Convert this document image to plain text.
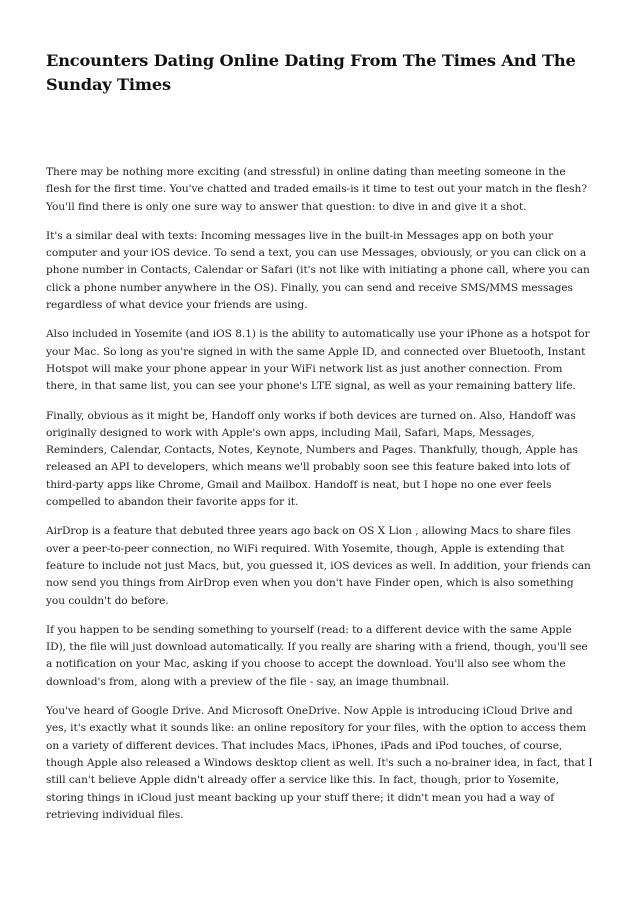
Encounters Dating Online Dating From The Times And The Sunday Times

There may be nothing more exciting (and stressful) in online dating than meeting someone in the flesh for the first time. You've chatted and traded emails-is it time to test out your match in the flesh? You'll find there is only one sure way to answer that question: to dive in and give it a shot.

It's a similar deal with texts: Incoming messages live in the built-in Messages app on both your computer and your iOS device. To send a text, you can use Messages, obviously, or you can click on a phone number in Contacts, Calendar or Safari (it's not like with initiating a phone call, where you can click a phone number anywhere in the OS). Finally, you can send and receive SMS/MMS messages regardless of what device your friends are using.

Also included in Yosemite (and iOS 8.1) is the ability to automatically use your iPhone as a hotspot for your Mac. So long as you're signed in with the same Apple ID, and connected over Bluetooth, Instant Hotspot will make your phone appear in your WiFi network list as just another connection. From there, in that same list, you can see your phone's LTE signal, as well as your remaining battery life.

Finally, obvious as it might be, Handoff only works if both devices are turned on. Also, Handoff was originally designed to work with Apple's own apps, including Mail, Safari, Maps, Messages, Reminders, Calendar, Contacts, Notes, Keynote, Numbers and Pages. Thankfully, though, Apple has released an API to developers, which means we'll probably soon see this feature baked into lots of third-party apps like Chrome, Gmail and Mailbox. Handoff is neat, but I hope no one ever feels compelled to abandon their favorite apps for it.

AirDrop is a feature that debuted three years ago back on OS X Lion , allowing Macs to share files over a peer-to-peer connection, no WiFi required. With Yosemite, though, Apple is extending that feature to include not just Macs, but, you guessed it, iOS devices as well. In addition, your friends can now send you things from AirDrop even when you don't have Finder open, which is also something you couldn't do before.

If you happen to be sending something to yourself (read: to a different device with the same Apple ID), the file will just download automatically. If you really are sharing with a friend, though, you'll see a notification on your Mac, asking if you choose to accept the download. You'll also see whom the download's from, along with a preview of the file - say, an image thumbnail.

You've heard of Google Drive. And Microsoft OneDrive. Now Apple is introducing iCloud Drive and yes, it's exactly what it sounds like: an online repository for your files, with the option to access them on a variety of different devices. That includes Macs, iPhones, iPads and iPod touches, of course, though Apple also released a Windows desktop client as well. It's such a no-brainer idea, in fact, that I still can't believe Apple didn't already offer a service like this. In fact, though, prior to Yosemite, storing things in iCloud just meant backing up your stuff there; it didn't mean you had a way of retrieving individual files.
